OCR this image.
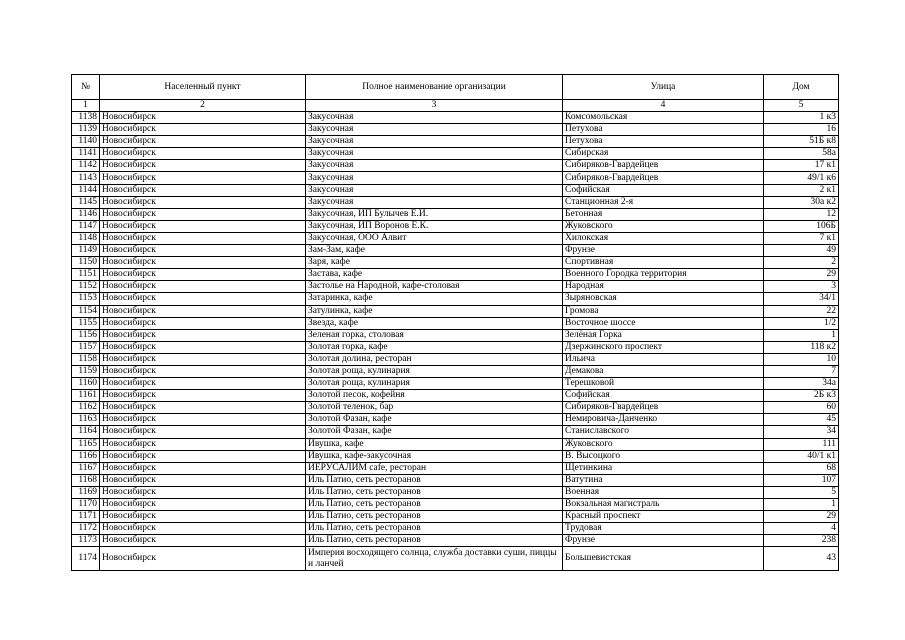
№	Населенный пункт	Полное наименование организации	Улица	Дом
1	2	3	4	5
1138	Новосибирск	Закусочная	Комсомольская	1 к3
1139	Новосибирск	Закусочная	Петухова	16
1140	Новосибирск	Закусочная	Петухова	51Б к8
1141	Новосибирск	Закусочная	Сибирская	58а
1142	Новосибирск	Закусочная	Сибиряков-Гвардейцев	17 к1
1143	Новосибирск	Закусочная	Сибиряков-Гвардейцев	49/1 к6
1144	Новосибирск	Закусочная	Софийская	2 к1
1145	Новосибирск	Закусочная	Станционная 2-я	30а к2
1146	Новосибирск	Закусочная, ИП Булычев Е.И.	Бетонная	12
1147	Новосибирск	Закусочная, ИП Воронов Е.К.	Жуковского	106Б
1148	Новосибирск	Закусочная, ООО Алвит	Хилокская	7 к1
1149	Новосибирск	Зам-Зам, кафе	Фрунзе	49
1150	Новосибирск	Заря, кафе	Спортивная	2
1151	Новосибирск	Застава, кафе	Военного Городка территория	29
1152	Новосибирск	Застолье на Народной, кафе-столовая	Народная	3
1153	Новосибирск	Затаринка, кафе	Зыряновская	34/1
1154	Новосибирск	Затулинка, кафе	Громова	22
1155	Новосибирск	Звезда, кафе	Восточное шоссе	1/2
1156	Новосибирск	Зеленая горка, столовая	Зелёная Горка	1
1157	Новосибирск	Золотая горка, кафе	Дзержинского проспект	118 к2
1158	Новосибирск	Золотая долина, ресторан	Ильича	10
1159	Новосибирск	Золотая роща, кулинария	Демакова	7
1160	Новосибирск	Золотая роща, кулинария	Терешковой	34а
1161	Новосибирск	Золотой песок, кофейня	Софийская	2Б к3
1162	Новосибирск	Золотой теленок, бар	Сибиряков-Гвардейцев	60
1163	Новосибирск	Золотой Фазан, кафе	Немировича-Данченко	45
1164	Новосибирск	Золотой Фазан, кафе	Станиславского	34
1165	Новосибирск	Ивушка, кафе	Жуковского	111
1166	Новосибирск	Ивушка, кафе-закусочная	В. Высоцкого	40/1 к1
1167	Новосибирск	ИЕРУСАЛИМ cafe, ресторан	Щетинкина	68
1168	Новосибирск	Иль Патио, сеть ресторанов	Ватутина	107
1169	Новосибирск	Иль Патио, сеть ресторанов	Военная	5
1170	Новосибирск	Иль Патио, сеть ресторанов	Вокзальная магистраль	1
1171	Новосибирск	Иль Патио, сеть ресторанов	Красный проспект	29
1172	Новосибирск	Иль Патио, сеть ресторанов	Трудовая	4
1173	Новосибирск	Иль Патио, сеть ресторанов	Фрунзе	238
1174	Новосибирск	Империя восходящего солнца, служба доставки суши, пиццы и ланчей	Большевистская	43
